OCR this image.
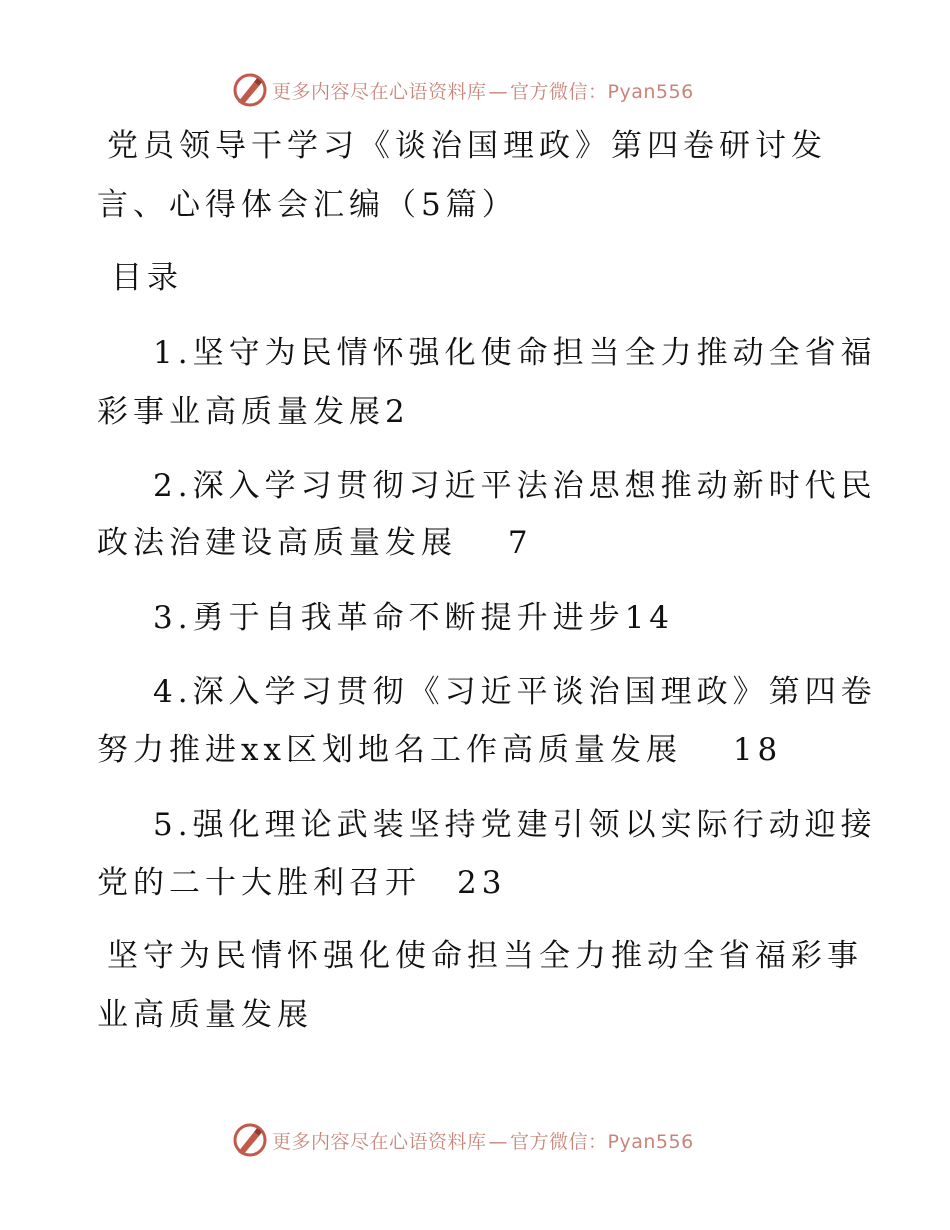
更多内容尽在心语资料库 — 官方微信：Pyan556
党员领导干学习《谈治国理政》第四卷研讨发
言、心得体会汇编（5篇）
目录
1.坚守为民情怀强化使命担当全力推动全省福
彩事业高质量发展2
2.深入学习贯彻习近平法治思想推动新时代民
政法治建设高质量发展　 7
3.勇于自我革命不断提升进步14
4.深入学习贯彻《习近平谈治国理政》第四卷
努力推进xx区划地名工作高质量发展　 18
5.强化理论武装坚持党建引领以实际行动迎接
党的二十大胜利召开　23
坚守为民情怀强化使命担当全力推动全省福彩事
业高质量发展
更多内容尽在心语资料库 — 官方微信：Pyan556
